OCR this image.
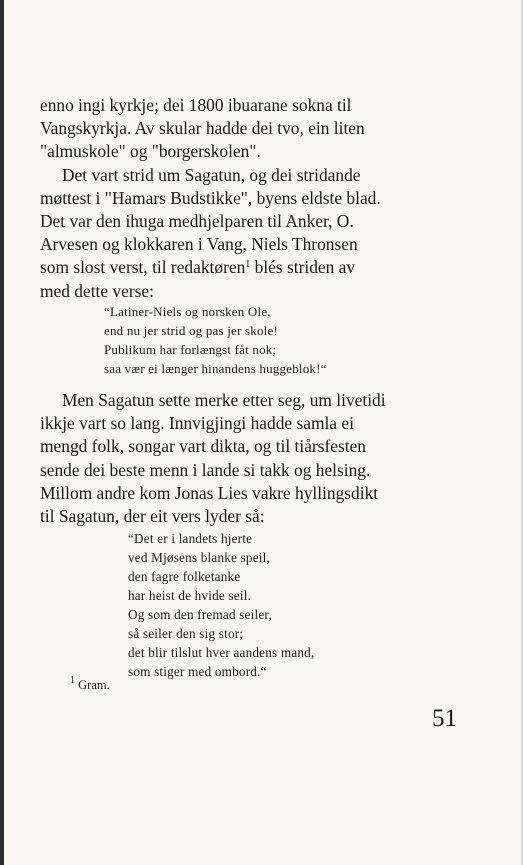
enno ingi kyrkje; dei 1800 ibuarane sokna til
Vangskyrkja. Av skular hadde dei tvo, ein liten
"almuskole" og "borgerskolen".

Det vart strid um Sagatun, og dei stridande
møttest i "Hamars Budstikke", byens eldste blad.
Det var den ihuga medhjelparen til Anker, O.
Arvesen og klokkaren i Vang, Niels Thronsen
som slost verst, til redaktøren$^1$ blés striden av
med dette verse:

“Latiner-Niels og norsken Ole,
end nu jer strid og pas jer skole!
Publikum har forlængst fåt nok;
saa vær ei længer hinandens huggeblok!“

Men Sagatun sette merke etter seg, um livetidi
ikkje vart so lang. Innvigjingi hadde samla ei
mengd folk, songar vart dikta, og til tiårsfesten
sende dei beste menn i lande si takk og helsing.
Millom andre kom Jonas Lies vakre hyllingsdikt
til Sagatun, der eit vers lyder så:

“Det er i landets hjerte
ved Mjøsens blanke speil,
den fagre folketanke
har heist de hvide seil.
Og som den fremad seiler,
så seiler den sig stor;
det blir tilslut hver aandens mand,
som stiger med ombord.“
$^1$ Gram.
51
